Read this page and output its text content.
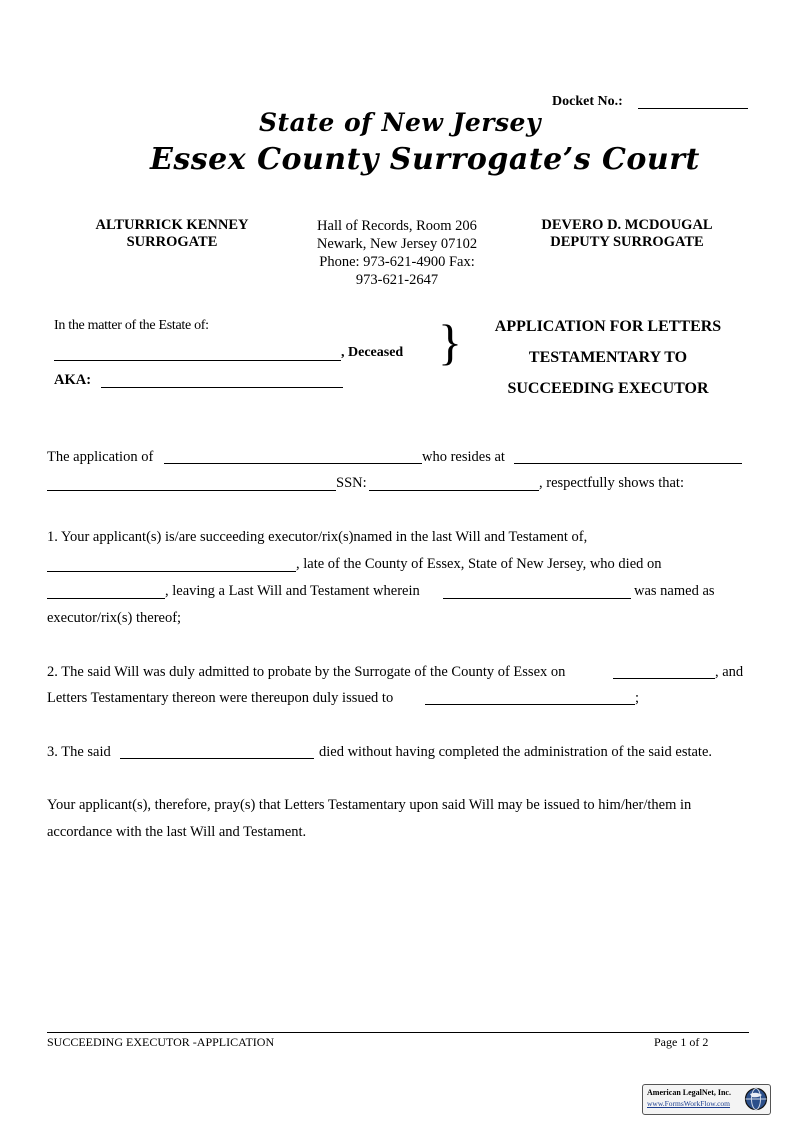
Docket No.:
State of New Jersey
Essex County Surrogate’s Court
ALTURRICK KENNEY
SURROGATE
Hall of Records, Room 206
Newark, New Jersey 07102
Phone: 973-621-4900 Fax:
973-621-2647
DEVERO D. MCDOUGAL
DEPUTY SURROGATE
In the matter of the Estate of:
, Deceased
AKA:
}	APPLICATION FOR LETTERS
TESTAMENTARY TO
SUCCEEDING EXECUTOR
The application of	who resides at
SSN:	, respectfully shows that:
1. Your applicant(s) is/are succeeding executor/rix(s)named in the last Will and Testament of,
, late of the County of Essex, State of New Jersey, who died on
, leaving a Last Will and Testament wherein	was named as
executor/rix(s) thereof;
2. The said Will was duly admitted to probate by the Surrogate of the County of Essex on	, and
Letters Testamentary thereon were thereupon duly issued to	;
3. The said	died without having completed the administration of the said estate.

Your applicant(s), therefore, pray(s) that Letters Testamentary upon said Will may be issued to him/her/them in accordance with the last Will and Testament.

SUCCEEDING EXECUTOR -APPLICATION	Page 1 of 2
American LegalNet, Inc.
www.FormsWorkFlow.com
